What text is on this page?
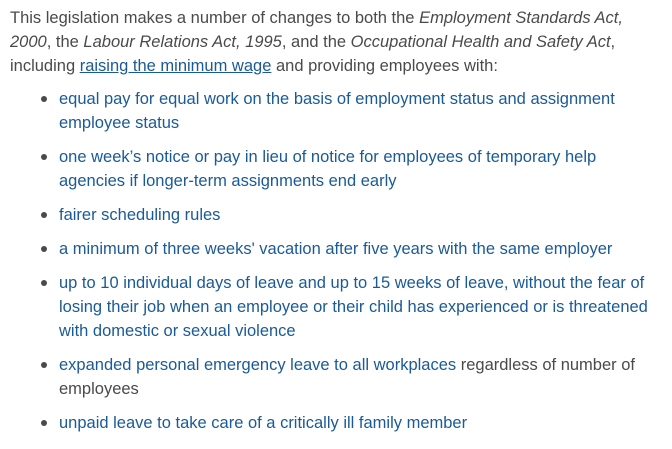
This legislation makes a number of changes to both the Employment Standards Act, 2000, the Labour Relations Act, 1995, and the Occupational Health and Safety Act, including raising the minimum wage and providing employees with:

equal pay for equal work on the basis of employment status and assignment employee status
one week’s notice or pay in lieu of notice for employees of temporary help agencies if longer-term assignments end early
fairer scheduling rules
a minimum of three weeks' vacation after five years with the same employer
up to 10 individual days of leave and up to 15 weeks of leave, without the fear of losing their job when an employee or their child has experienced or is threatened with domestic or sexual violence
expanded personal emergency leave to all workplaces regardless of number of employees
unpaid leave to take care of a critically ill family member
